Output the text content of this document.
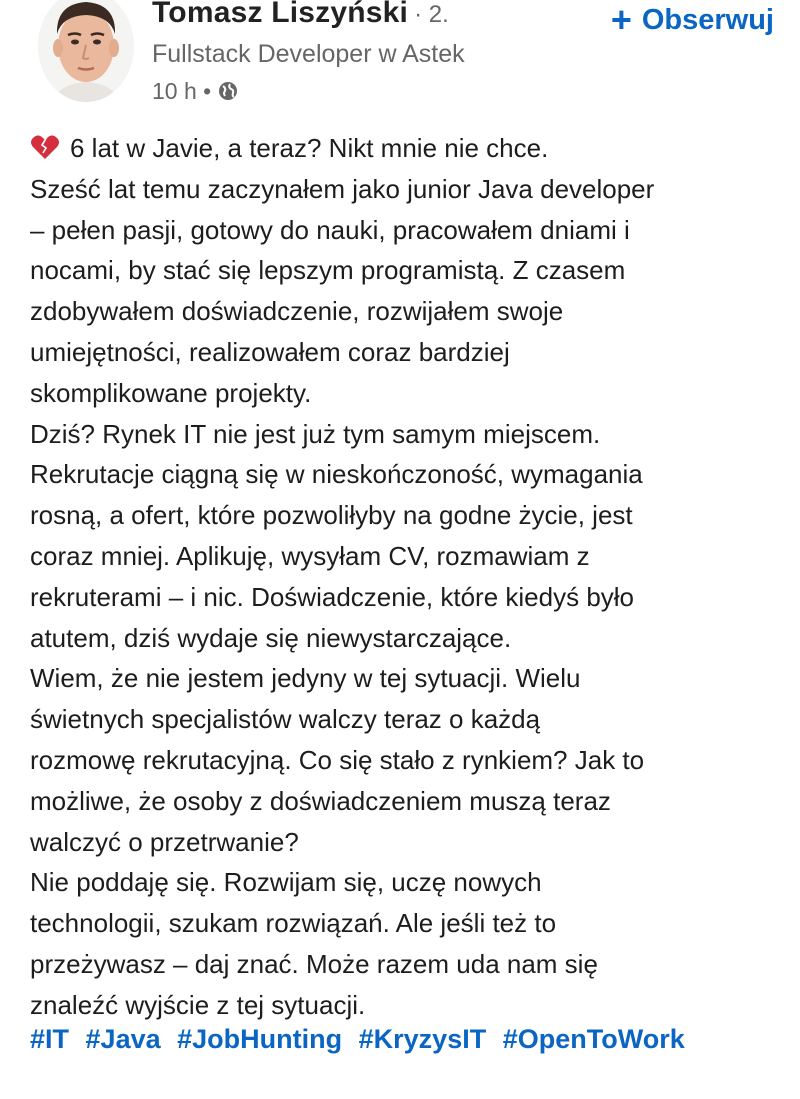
Tomasz Liszyński · 2.
Fullstack Developer w Astek
10 h •
+ Obserwuj
6 lat w Javie, a teraz? Nikt mnie nie chce.
Sześć lat temu zaczynałem jako junior Java developer
– pełen pasji, gotowy do nauki, pracowałem dniami i
nocami, by stać się lepszym programistą. Z czasem
zdobywałem doświadczenie, rozwijałem swoje
umiejętności, realizowałem coraz bardziej
skomplikowane projekty.
Dziś? Rynek IT nie jest już tym samym miejscem.
Rekrutacje ciągną się w nieskończoność, wymagania
rosną, a ofert, które pozwoliłyby na godne życie, jest
coraz mniej. Aplikuję, wysyłam CV, rozmawiam z
rekruterami – i nic. Doświadczenie, które kiedyś było
atutem, dziś wydaje się niewystarczające.
Wiem, że nie jestem jedyny w tej sytuacji. Wielu
świetnych specjalistów walczy teraz o każdą
rozmowę rekrutacyjną. Co się stało z rynkiem? Jak to
możliwe, że osoby z doświadczeniem muszą teraz
walczyć o przetrwanie?
Nie poddaję się. Rozwijam się, uczę nowych
technologii, szukam rozwiązań. Ale jeśli też to
przeżywasz – daj znać. Może razem uda nam się
znaleźć wyjście z tej sytuacji.
#IT #Java #JobHunting #KryzysIT #OpenToWork
